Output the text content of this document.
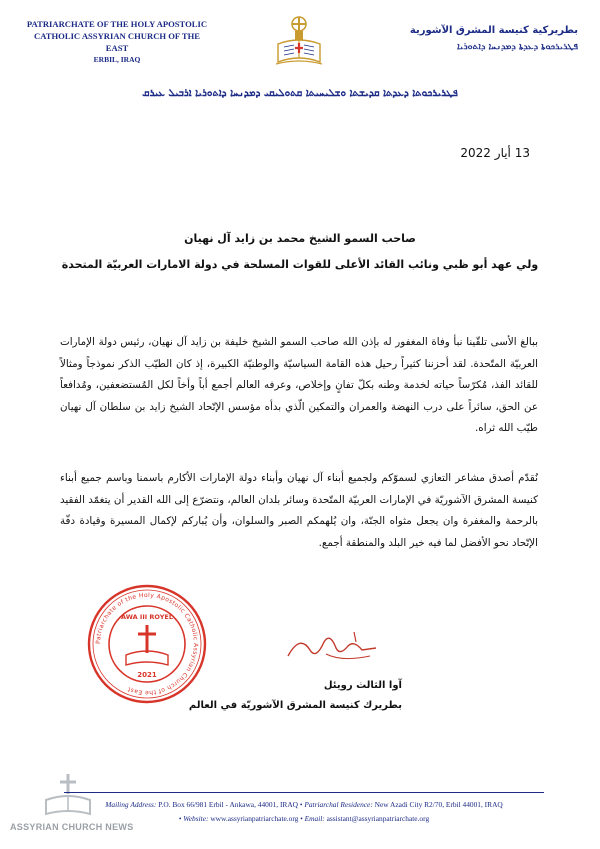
PATRIARCHATE OF THE HOLY APOSTOLIC
CATHOLIC ASSYRIAN CHURCH OF THE EAST
ERBIL, IRAQ
بطريركية كنيسة المشرق الآشورية
ܦܛܪܝܪܟܘܬܐ ܕܥܕܬܐ ܕܡܕܢܚܐ ܕܐܬܘܪܝܐ
ܦܛܪܝܪܟܘܬܐ ܕܥܕܬܐ ܩܕܝܫܬܐ ܘܫܠܝܚܝܬܐ ܩܬܘܠܝܩܝ ܕܡܕܢܚܐ ܕܐܬܘܪܝܐ ܐܪܒܝܠ ܥܝܪܩ
13 أيار 2022
صاحب السمو الشيخ محمد بن زايد آل نهيان
ولي عهد أبو ظبي ونائب القائد الأعلى للقوات المسلحة في دولة الامارات العربيّة المتحدة
ببالغ الأسى تلقّينا نبأ وفاة المغفور له بإذن الله صاحب السمو الشيخ خليفة بن زايد آل نهيان، رئيس دولة الإمارات العربيّة المتّحدة. لقد أحزننا كثيراً رحيل هذه القامة السياسيّة والوطنيّة الكبيرة، إذ كان الطيّب الذكر نموذجاً ومثالاً للقائد الفذ، مُكرّساً حياته لخدمة وطنه بكلّ تفانٍ وإخلاص، وعرفه العالم أجمع أباً وأخاً لكل المُستضعفين، ومُدافعاً عن الحق، سائراً على درب النهضة والعمران والتمكين الّذي بدأه مؤسس الإتّحاد الشيخ زايد بن سلطان آل نهيان طيّب الله ثراه.
نُقدّم أصدق مشاعر التعازي لسموّكم ولجميع أبناء آل نهيان وأبناء دولة الإمارات الأكارم باسمنا وباسم جميع أبناء كنيسة المشرق الآشوريّة في الإمارات العربيّة المتّحدة وسائر بلدان العالم، ونتضرّع إلى الله القدير أن يتغمّد الفقيد بالرحمة والمغفرة وان يجعل مثواه الجنّة، وان يُلهمكم الصبر والسلوان، وأن يُباركم لإكمال المسيرة وقيادة دفّة الإتّحاد نحو الأفضل لما فيه خير البلد والمنطقة أجمع.
Patriarchate of the Holy Apostolic Catholic Assyrian Church of the East
AWA III ROYEL
2021
آوا الثالث رويئل
بطريرك كنيسة المشرق الآشوريّة في العالم
ASSYRIAN CHURCH NEWS
Mailing Address: P.O. Box 66/981 Erbil - Ankawa, 44001, IRAQ • Patriarchal Residence: New Azadi City R2/70, Erbil 44001, IRAQ
• Website: www.assyrianpatriarchate.org • Email: assistant@assyrianpatriarchate.org
